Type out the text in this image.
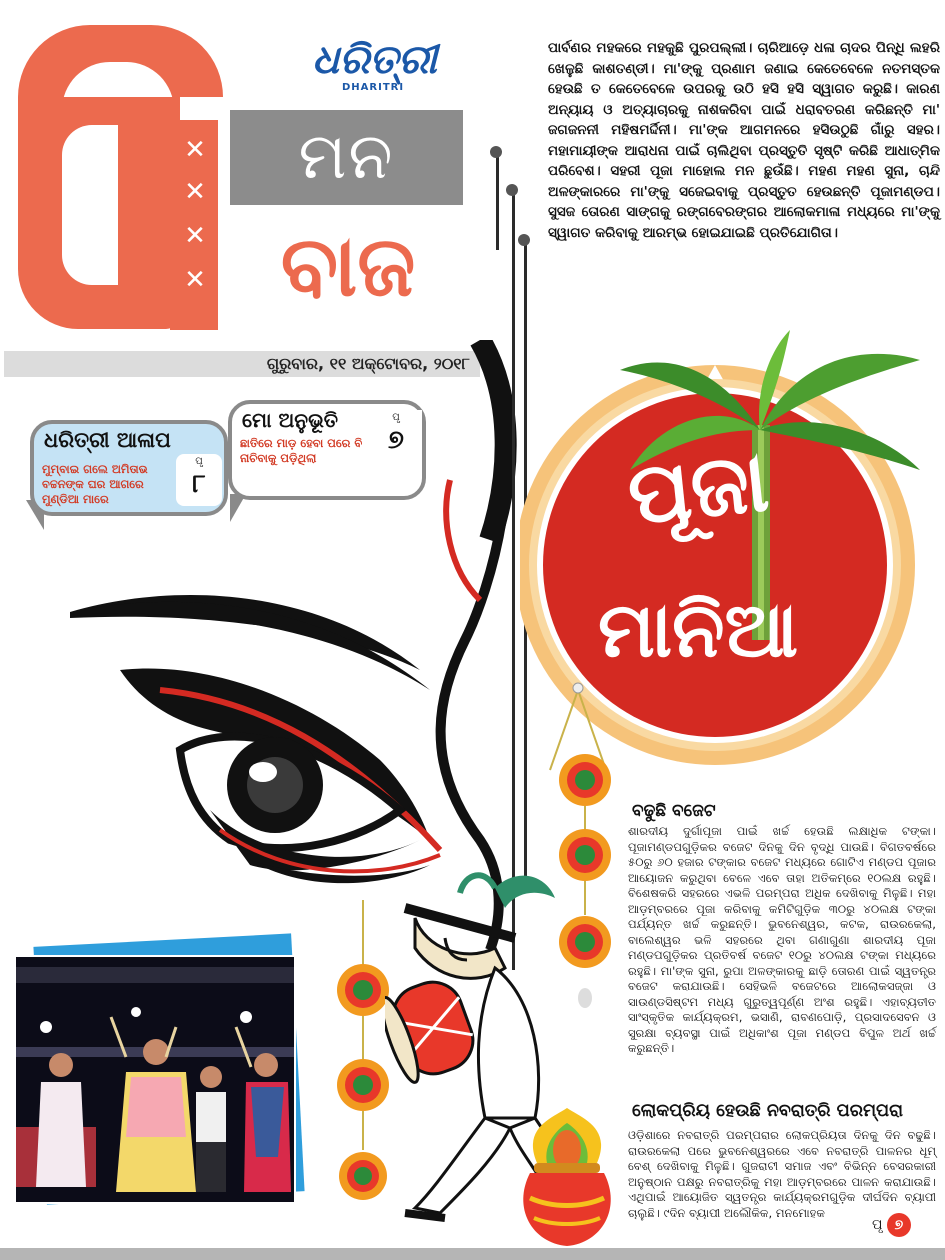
✕
✕
✕
✕
ମନ
ବାଜ
ଧରିତ୍ରୀ
DHARITRI
ଗୁରୁବାର, ୧୧ ଅକ୍ଟୋବର, ୨୦୧୮
ପାର୍ବଣର ମହକରେ ମହକୁଛି ପୁରପଲ୍ଲୀ। ଚାରିଆଡ଼େ ଧଳା ଚାଦର ପିନ୍ଧି ଲହରି ଖେଳୁଛି କାଶତଣ୍ଡୀ। ମା'ଙ୍କୁ ପ୍ରଣାମ ଜଣାଇ କେତେବେଳେ ନତମସ୍ତକ ହେଉଛି ତ କେତେବେଳେ ଉପରକୁ ଉଠି ହସି ହସି ସ୍ୱାଗତ କରୁଛି। କାରଣ ଅନ୍ୟାୟ ଓ ଅତ୍ୟାଚାରକୁ ନାଶକରିବା ପାଇଁ ଧରାବତରଣ କରିଛନ୍ତି ମା' ଜଗଜନନୀ ମହିଷମର୍ଦ୍ଦିନୀ। ମା'ଙ୍କ ଆଗମନରେ ହସିଉଠୁଛି ଗାଁରୁ ସହର। ମହାମାୟୀଙ୍କ ଆରାଧନା ପାଇଁ ଚାଲିଥିବା ପ୍ରସ୍ତୁତି ସୃଷ୍ଟି କରିଛି ଆଧାତ୍ମିକ ପରିବେଶ। ସହରୀ ପୂଜା ମାହୋଲ ମନ ଛୁଉଁଛି। ମହଣ ମହଣ ସୁନା, ଚାନ୍ଦି ଅଳଙ୍କାରରେ ମା'ଙ୍କୁ ସଜେଇବାକୁ ପ୍ରସ୍ତୁତ ହେଉଛନ୍ତି ପୂଜାମଣ୍ଡପ। ସୁସଜ ତୋରଣ ସାଙ୍ଗକୁ ରଙ୍ଗବେରଙ୍ଗର ଆଲୋକମାଳା ମଧ୍ୟରେ ମା'ଙ୍କୁ ସ୍ୱାଗତ କରିବାକୁ ଆରମ୍ଭ ହୋଇଯାଇଛି ପ୍ରତିଯୋଗିତା।
ଧରିତ୍ରୀ ଆଳାପ
ମୁମ୍ବାଇ ଗଲେ ଅମିତାଭ ବଚ୍ଚନଙ୍କ ଘର ଆଗରେ ମୁଣ୍ଡିଆ ମାରେ
ପୃ
୮
ମୋ ଅନୁଭୂତି
ଛାତିରେ ମାଡ଼ ହେବା ପରେ ବି ନାଚିବାକୁ ପଡ଼ିଥିଲା
ପୃ
୭	ପୂଜା
ମାନିଆ
ବଢୁଛି ବଜେଟ
ଶାରଦୀୟ ଦୁର୍ଗାପୂଜା ପାଇଁ ଖର୍ଚ୍ଚ ହେଉଛି ଲକ୍ଷାଧିକ ଟଙ୍କା। ପୂଜାମଣ୍ଡପଗୁଡ଼ିକର ବଜେଟ ଦିନକୁ ଦିନ ବୃଦ୍ଧି ପାଉଛି। ବିଗତବର୍ଷରେ ୫୦ରୁ ୬୦ ହଜାର ଟଙ୍କାର ବଜେଟ ମଧ୍ୟରେ ଗୋଟିଏ ମଣ୍ଡପ ପୂଜାର ଆୟୋଜନ କରୁଥିବା ବେଳେ ଏବେ ତାହା ଅତିକମ୍‌ରେ ୧୦ଲକ୍ଷ ରହୁଛି। ବିଶେଷକରି ସହରରେ ଏଭଳି ପରମ୍ପରା ଅଧିକ ଦେଖିବାକୁ ମିଳୁଛି। ମହା ଆଡ଼ମ୍ବରରେ ପୂଜା କରିବାକୁ କମିଟିଗୁଡ଼ିକ ୩୦ରୁ ୪୦ଲକ୍ଷ ଟଙ୍କା ପର୍ଯ୍ୟନ୍ତ ଖର୍ଚ୍ଚ କରୁଛନ୍ତି। ଭୁବନେଶ୍ୱର, କଟକ, ରାଉରକେଲା, ବାଲେଶ୍ୱର ଭଳି ସହରରେ ଥିବା ଗଣାଗୁଣା ଶାରଦୀୟ ପୂଜା ମଣ୍ଡପଗୁଡ଼ିକର ପ୍ରତିବର୍ଷ ବଜେଟ ୧୦ରୁ ୪୦ଲକ୍ଷ ଟଙ୍କା ମଧ୍ୟରେ ରହୁଛି। ମା'ଙ୍କ ସୁନା, ରୁପା ଅଳଙ୍କାରକୁ ଛାଡ଼ି ତୋରଣ ପାଇଁ ସ୍ୱତନ୍ତ୍ର ବଜେଟ କରାଯାଉଛି। ସେହିଭଳି ବଜେଟରେ ଆଲୋକସଜ୍ଜା ଓ ସାଉଣ୍ଡସିଷ୍ଟମ ମଧ୍ୟ ଗୁରୁତ୍ୱପୂର୍ଣ୍ଣ ଅଂଶ ରହୁଛି। ଏହାବ୍ୟତୀତ ସାଂସ୍କୃତିକ କାର୍ଯ୍ୟକ୍ରମ, ଭସାଣି, ରାବଣପୋଡ଼ି, ପ୍ରସାଦସେବନ ଓ ସୁରକ୍ଷା ବ୍ୟବସ୍ଥା ପାଇଁ ଅଧିକାଂଶ ପୂଜା ମଣ୍ଡପ ବିପୁଳ ଅର୍ଥ ଖର୍ଚ୍ଚ କରୁଛନ୍ତି।
ଲୋକପ୍ରିୟ ହେଉଛି ନବରାତ୍ରି ପରମ୍ପରା
ଓଡ଼ିଶାରେ ନବରାତ୍ରି ପରମ୍ପରାର ଲୋକପ୍ରିୟତା ଦିନକୁ ଦିନ ବଢୁଛି। ରାଉରକେଲା ପରେ ଭୁବନେଶ୍ୱରରେ ଏବେ ନବରାତ୍ରି ପାଳନର ଧୂମ୍ ବେଶ୍ ଦେଖିବାକୁ ମିଳୁଛି। ଗୁଜରାଟୀ ସମାଜ ଏବଂ ବିଭିନ୍ନ ବେସରକାରୀ ଅନୁଷ୍ଠାନ ପକ୍ଷରୁ ନବରାତ୍ରିକୁ ମହା ଆଡ଼ମ୍ବରରେ ପାଳନ କରାଯାଉଛି। ଏଥିପାଇଁ ଆୟୋଜିତ ସ୍ୱତନ୍ତ୍ର କାର୍ଯ୍ୟକ୍ରମଗୁଡ଼ିକ ଦୀର୍ଘଦିନ ବ୍ୟାପୀ ଚାଲୁଛି। ୯ଦିନ ବ୍ୟାପୀ ଅଲୌକିକ, ମନମୋହକ
ପୃ ୭
